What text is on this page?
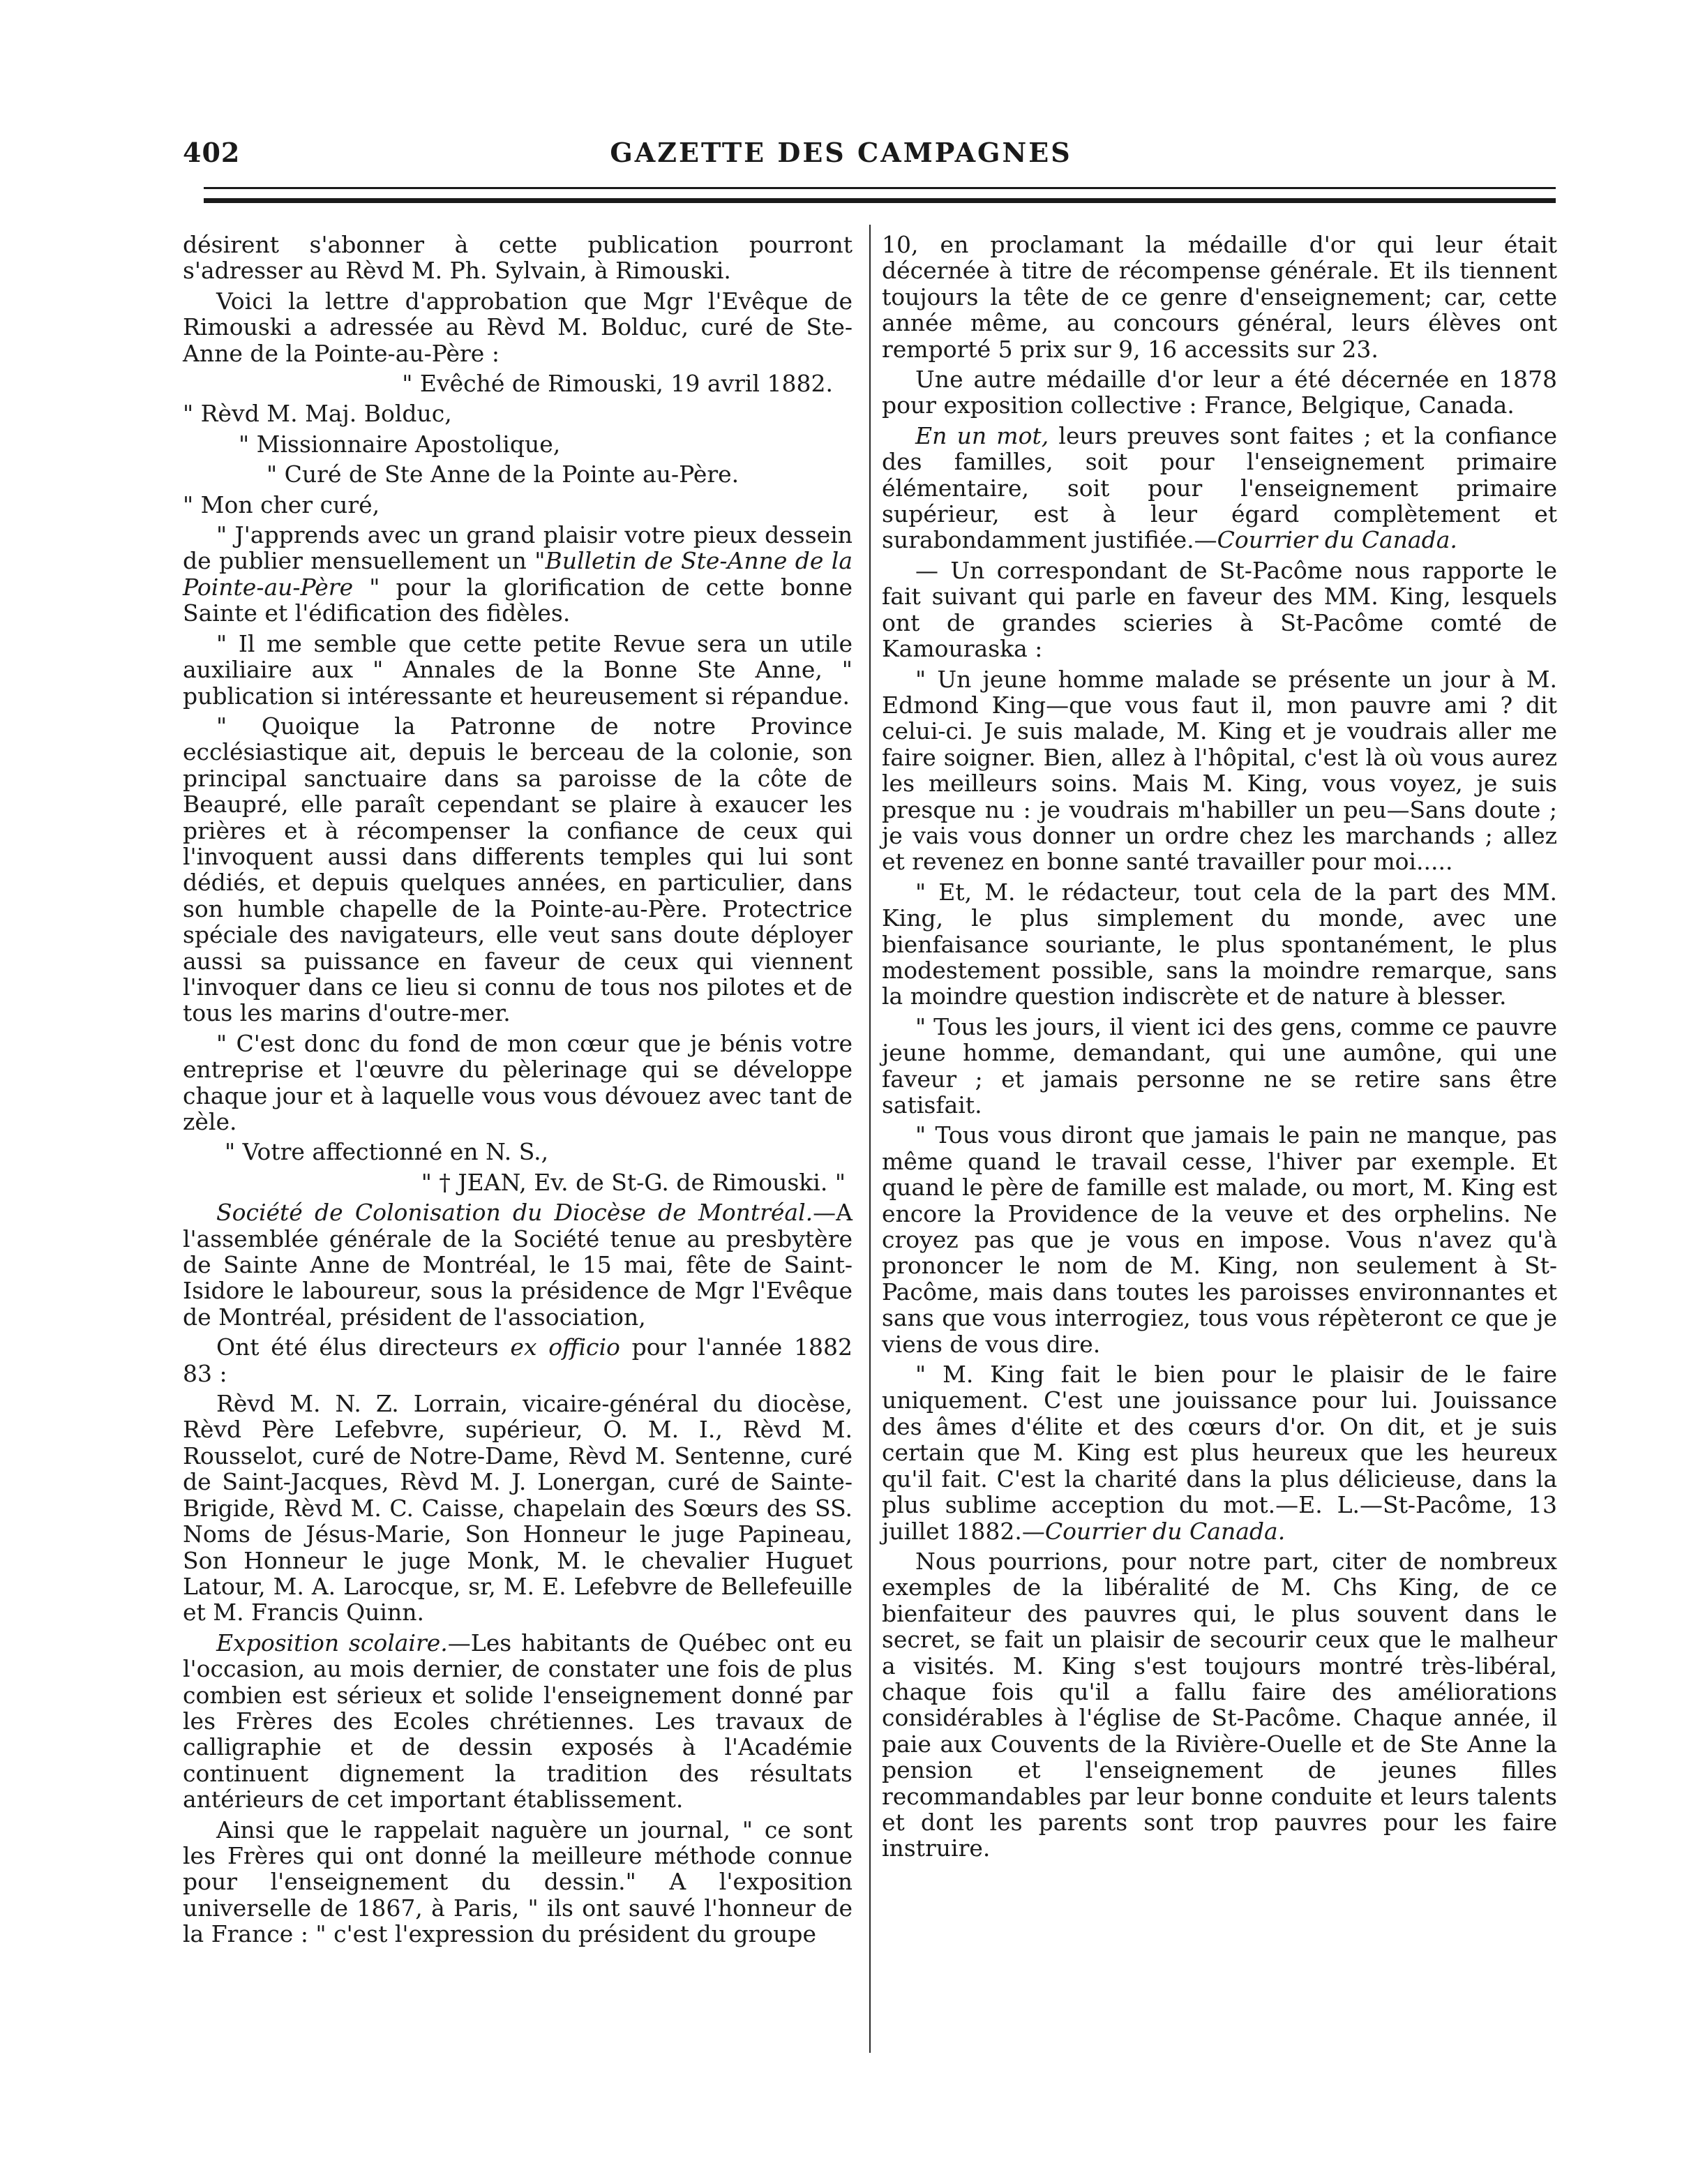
402	GAZETTE DES CAMPAGNES

désirent s'abonner à cette publication pourront s'adresser au Rèvd M. Ph. Sylvain, à Rimouski.

Voici la lettre d'approbation que Mgr l'Evêque de Rimouski a adressée au Rèvd M. Bolduc, curé de Ste-Anne de la Pointe-au-Père :

" Evêché de Rimouski, 19 avril 1882.

" Rèvd M. Maj. Bolduc,

" Missionnaire Apostolique,

" Curé de Ste Anne de la Pointe au-Père.

" Mon cher curé,

" J'apprends avec un grand plaisir votre pieux dessein de publier mensuellement un "Bulletin de Ste-Anne de la Pointe-au-Père " pour la glorification de cette bonne Sainte et l'édification des fidèles.

" Il me semble que cette petite Revue sera un utile auxiliaire aux " Annales de la Bonne Ste Anne, " publication si intéressante et heureusement si répandue.

" Quoique la Patronne de notre Province ecclésiastique ait, depuis le berceau de la colonie, son principal sanctuaire dans sa paroisse de la côte de Beaupré, elle paraît cependant se plaire à exaucer les prières et à récompenser la confiance de ceux qui l'invoquent aussi dans differents temples qui lui sont dédiés, et depuis quelques années, en particulier, dans son humble chapelle de la Pointe-au-Père. Protectrice spéciale des navigateurs, elle veut sans doute déployer aussi sa puissance en faveur de ceux qui viennent l'invoquer dans ce lieu si connu de tous nos pilotes et de tous les marins d'outre-mer.

" C'est donc du fond de mon cœur que je bénis votre entreprise et l'œuvre du pèlerinage qui se développe chaque jour et à laquelle vous vous dévouez avec tant de zèle.

" Votre affectionné en N. S.,

" † JEAN, Ev. de St-G. de Rimouski. "

Société de Colonisation du Diocèse de Montréal.—A l'assemblée générale de la Société tenue au presbytère de Sainte Anne de Montréal, le 15 mai, fête de Saint-Isidore le laboureur, sous la présidence de Mgr l'Evêque de Montréal, président de l'association,

Ont été élus directeurs ex officio pour l'année 1882 83 :

Rèvd M. N. Z. Lorrain, vicaire-général du diocèse, Rèvd Père Lefebvre, supérieur, O. M. I., Rèvd M. Rousselot, curé de Notre-Dame, Rèvd M. Sentenne, curé de Saint-Jacques, Rèvd M. J. Lonergan, curé de Sainte-Brigide, Rèvd M. C. Caisse, chapelain des Sœurs des SS. Noms de Jésus-Marie, Son Honneur le juge Papineau, Son Honneur le juge Monk, M. le chevalier Huguet Latour, M. A. Larocque, sr, M. E. Lefebvre de Bellefeuille et M. Francis Quinn.

Exposition scolaire.—Les habitants de Québec ont eu l'occasion, au mois dernier, de constater une fois de plus combien est sérieux et solide l'enseignement donné par les Frères des Ecoles chrétiennes. Les travaux de calligraphie et de dessin exposés à l'Académie continuent dignement la tradition des résultats antérieurs de cet important établissement.

Ainsi que le rappelait naguère un journal, " ce sont les Frères qui ont donné la meilleure méthode connue pour l'enseignement du dessin." A l'exposition universelle de 1867, à Paris, " ils ont sauvé l'honneur de la France : " c'est l'expression du président du groupe

10, en proclamant la médaille d'or qui leur était décernée à titre de récompense générale. Et ils tiennent toujours la tête de ce genre d'enseignement; car, cette année même, au concours général, leurs élèves ont remporté 5 prix sur 9, 16 accessits sur 23.

Une autre médaille d'or leur a été décernée en 1878 pour exposition collective : France, Belgique, Canada.

En un mot, leurs preuves sont faites ; et la confiance des familles, soit pour l'enseignement primaire élémentaire, soit pour l'enseignement primaire supérieur, est à leur égard complètement et surabondamment justifiée.—Courrier du Canada.

— Un correspondant de St-Pacôme nous rapporte le fait suivant qui parle en faveur des MM. King, lesquels ont de grandes scieries à St-Pacôme comté de Kamouraska :

" Un jeune homme malade se présente un jour à M. Edmond King—que vous faut il, mon pauvre ami ? dit celui-ci. Je suis malade, M. King et je voudrais aller me faire soigner. Bien, allez à l'hôpital, c'est là où vous aurez les meilleurs soins. Mais M. King, vous voyez, je suis presque nu : je voudrais m'habiller un peu—Sans doute ; je vais vous donner un ordre chez les marchands ; allez et revenez en bonne santé travailler pour moi.....

" Et, M. le rédacteur, tout cela de la part des MM. King, le plus simplement du monde, avec une bienfaisance souriante, le plus spontanément, le plus modestement possible, sans la moindre remarque, sans la moindre question indiscrète et de nature à blesser.

" Tous les jours, il vient ici des gens, comme ce pauvre jeune homme, demandant, qui une aumône, qui une faveur ; et jamais personne ne se retire sans être satisfait.

" Tous vous diront que jamais le pain ne manque, pas même quand le travail cesse, l'hiver par exemple. Et quand le père de famille est malade, ou mort, M. King est encore la Providence de la veuve et des orphelins. Ne croyez pas que je vous en impose. Vous n'avez qu'à prononcer le nom de M. King, non seulement à St-Pacôme, mais dans toutes les paroisses environnantes et sans que vous interrogiez, tous vous répèteront ce que je viens de vous dire.

" M. King fait le bien pour le plaisir de le faire uniquement. C'est une jouissance pour lui. Jouissance des âmes d'élite et des cœurs d'or. On dit, et je suis certain que M. King est plus heureux que les heureux qu'il fait. C'est la charité dans la plus délicieuse, dans la plus sublime acception du mot.—E. L.—St-Pacôme, 13 juillet 1882.—Courrier du Canada.

Nous pourrions, pour notre part, citer de nombreux exemples de la libéralité de M. Chs King, de ce bienfaiteur des pauvres qui, le plus souvent dans le secret, se fait un plaisir de secourir ceux que le malheur a visités. M. King s'est toujours montré très-libéral, chaque fois qu'il a fallu faire des améliorations considérables à l'église de St-Pacôme. Chaque année, il paie aux Couvents de la Rivière-Ouelle et de Ste Anne la pension et l'enseignement de jeunes filles recommandables par leur bonne conduite et leurs talents et dont les parents sont trop pauvres pour les faire instruire.
